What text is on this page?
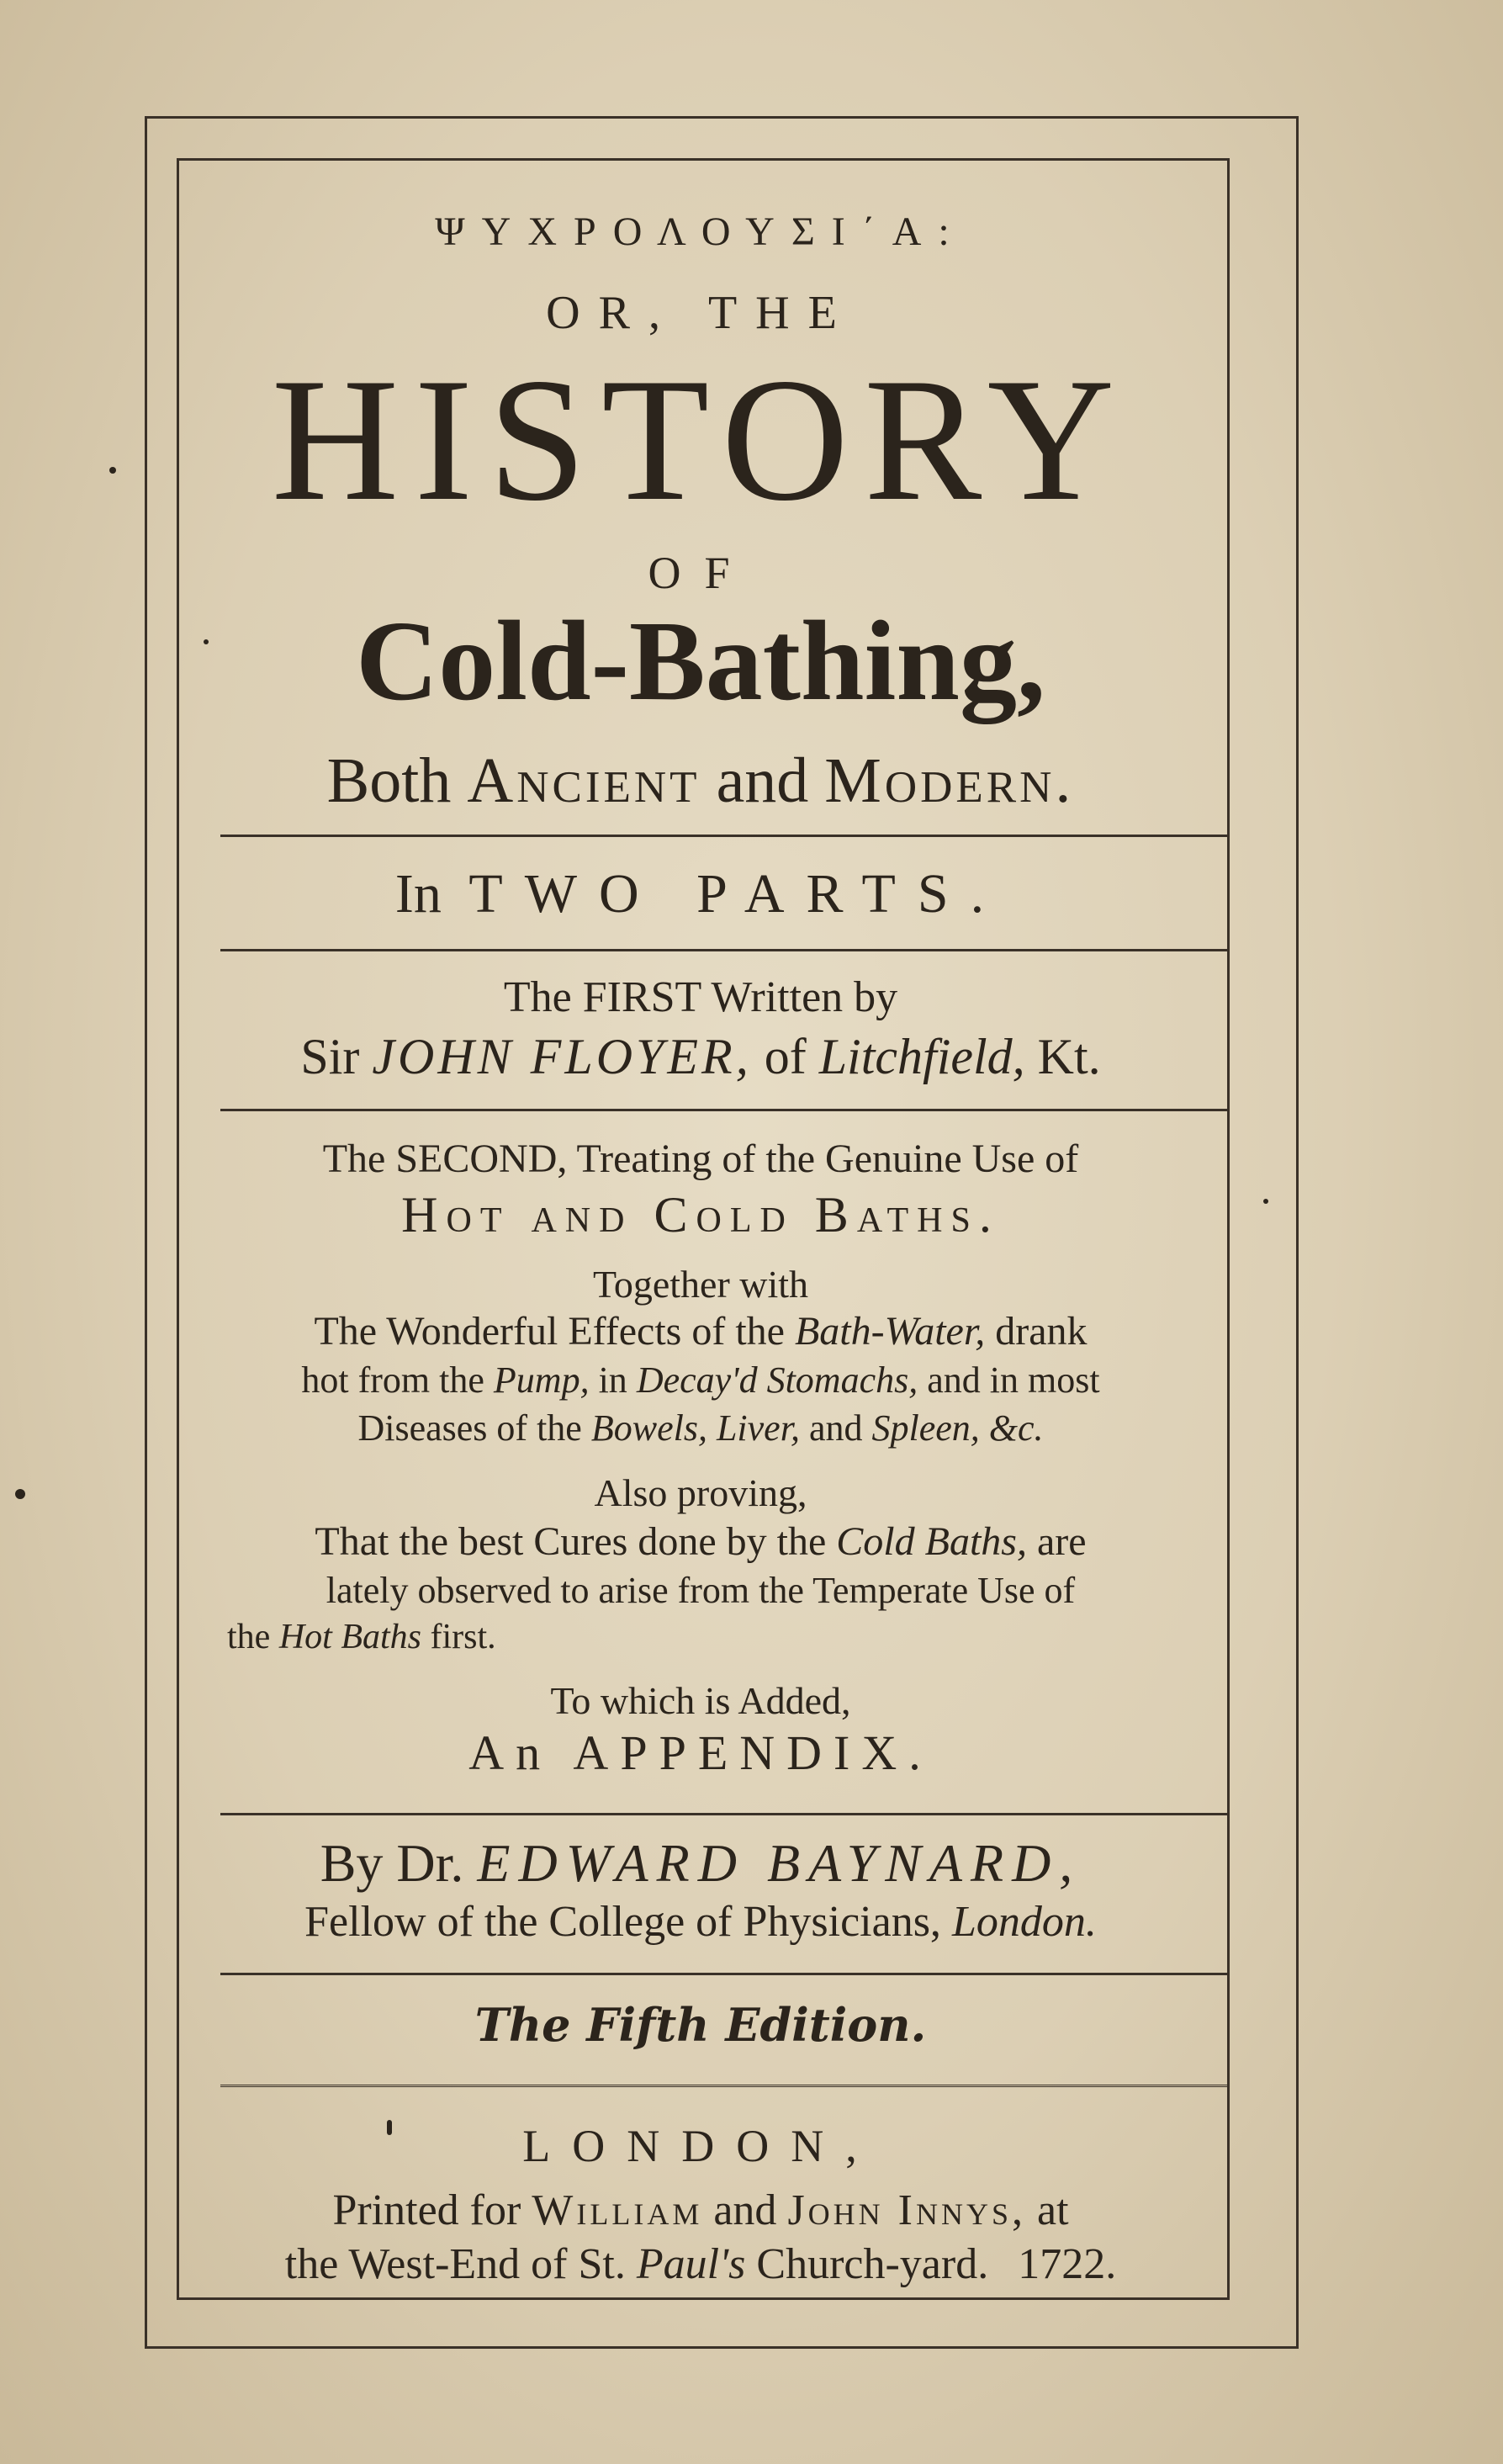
ΨΥΧΡΟΛΟΥΣΙ΄Α:
OR, THE
HISTORY
OF
Cold-Bathing,
Both Ancient and Modern.
In TWO PARTS.
The FIRST Written by
Sir JOHN FLOYER, of Litchfield, Kt.
The SECOND, Treating of the Genuine Use of
Hot and Cold Baths.
Together with
The Wonderful Effects of the Bath-Water, drank
hot from the Pump, in Decay'd Stomachs, and in most
Diseases of the Bowels, Liver, and Spleen, &c.
Also proving,
That the best Cures done by the Cold Baths, are
lately observed to arise from the Temperate Use of
the Hot Baths first.
To which is Added,
An APPENDIX.
By Dr. EDWARD BAYNARD,
Fellow of the College of Physicians, London.
The Fifth Edition.
LONDON,
Printed for William and John Innys, at
the West-End of St. Paul's Church-yard. 1722.
